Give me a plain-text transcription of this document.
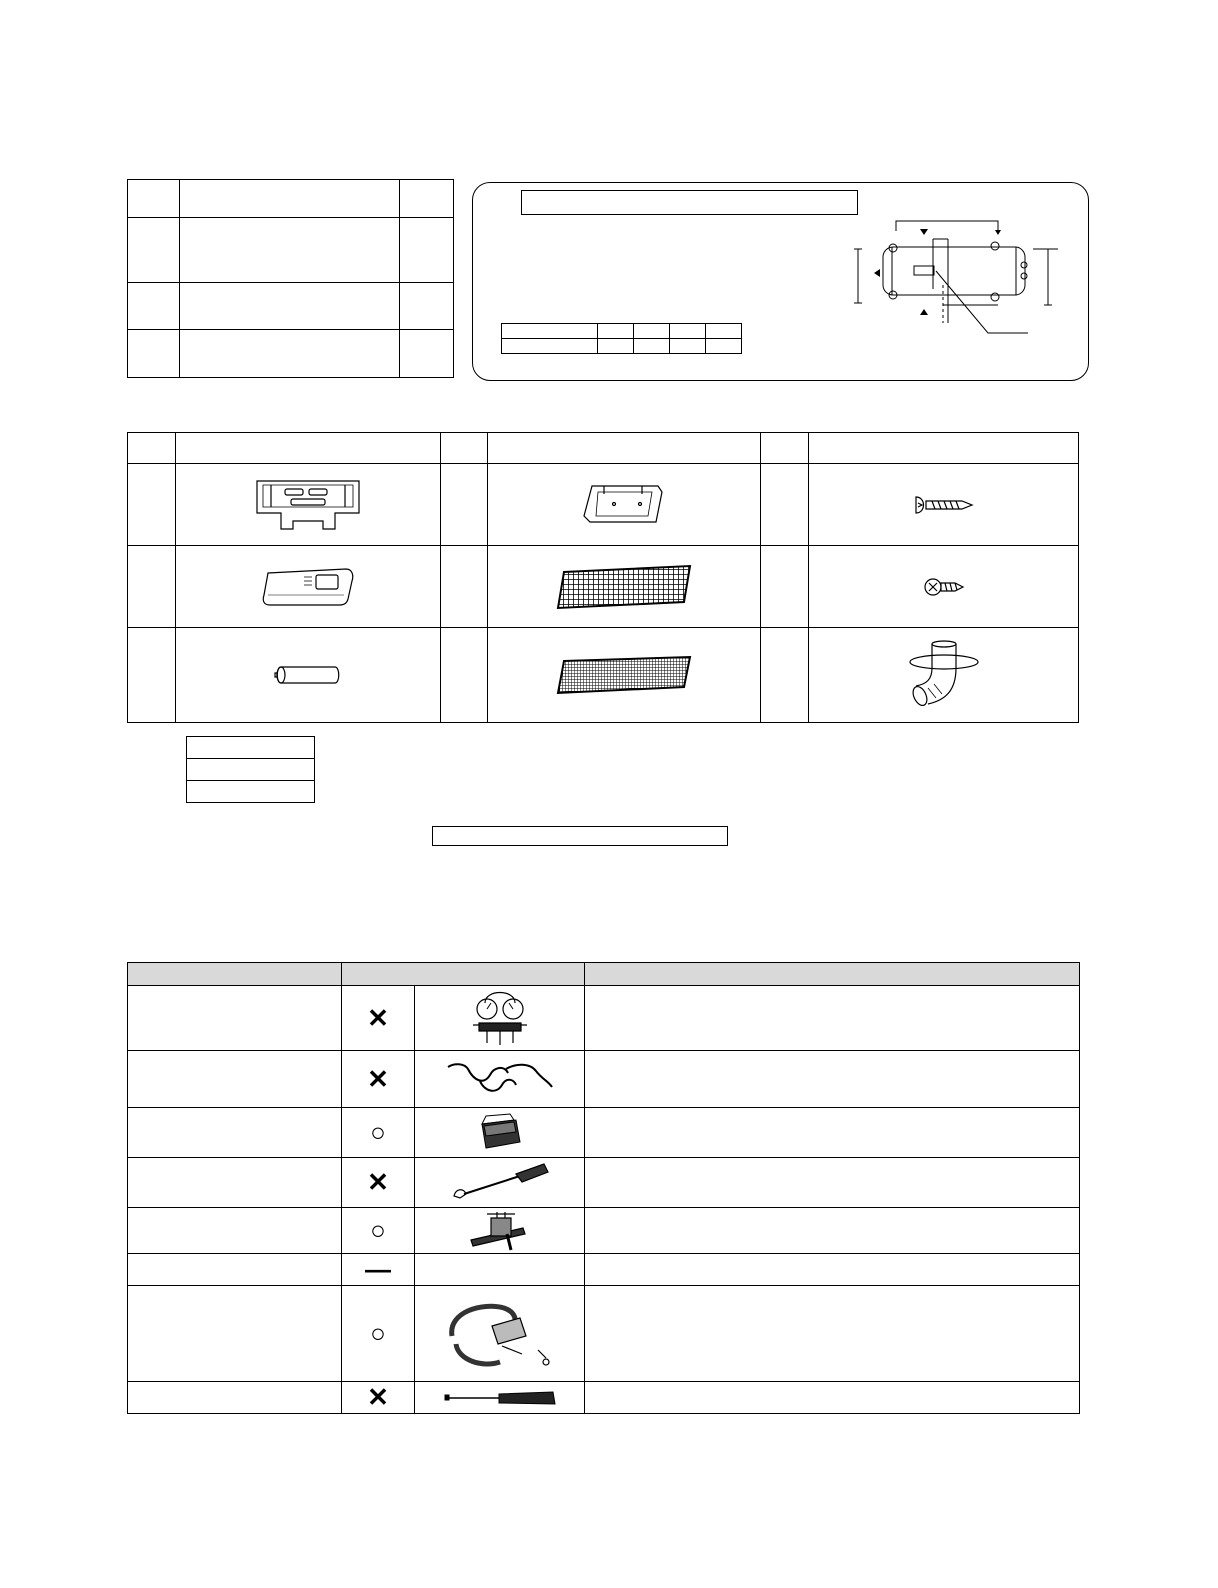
	✕	

	✕	

	○	

	✕	

	○	

	—		
	○	

	✕	
